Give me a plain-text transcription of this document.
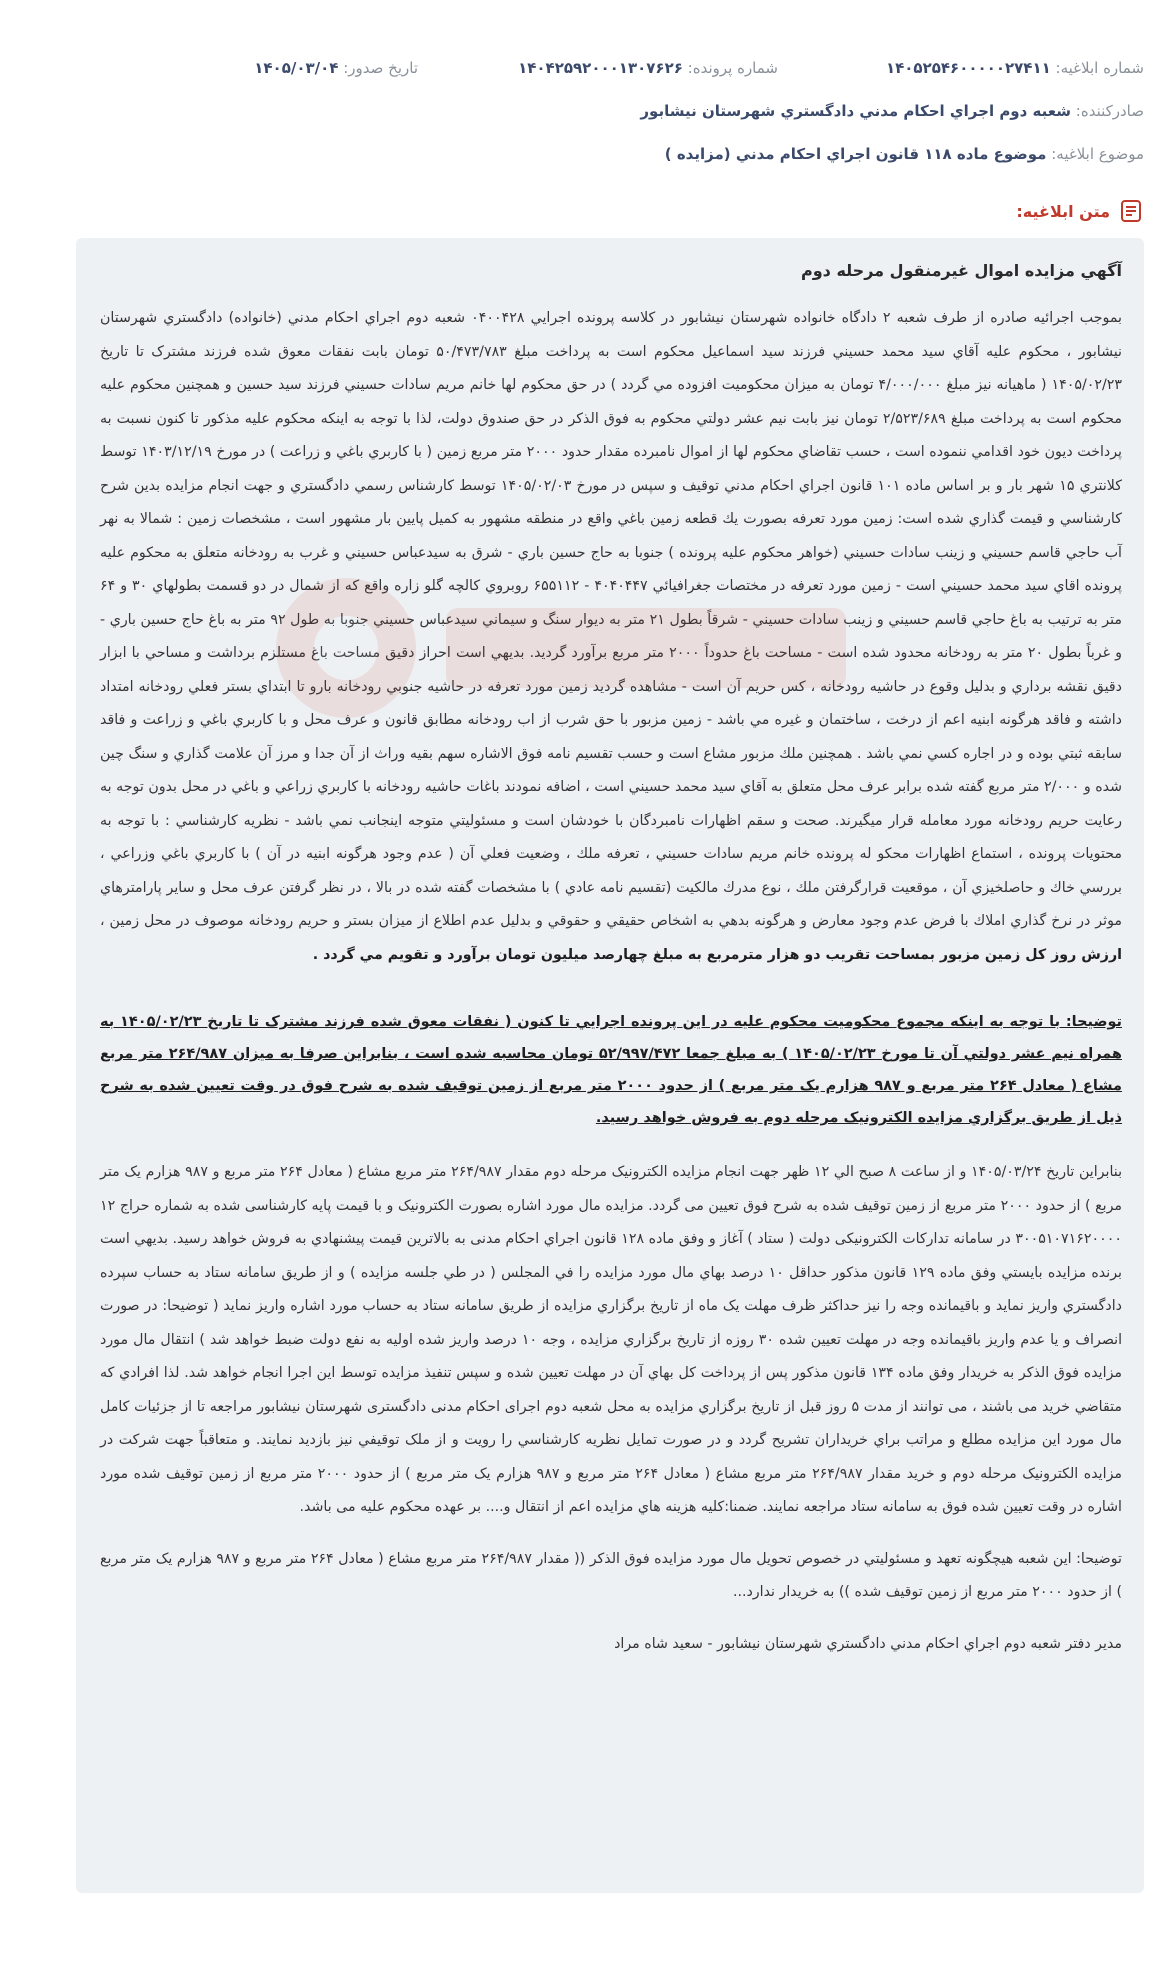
شماره ابلاغيه: ۱۴۰۵۲۵۴۶۰۰۰۰۰۲۷۴۱۱
شماره پرونده: ۱۴۰۴۲۵۹۲۰۰۰۱۳۰۷۶۲۶
تاريخ صدور: ۱۴۰۵/۰۳/۰۴
صادرکننده: شعبه دوم اجراي احكام مدني دادگستري شهرستان نيشابور
موضوع ابلاغيه: موضوع ماده ۱۱۸ قانون اجراي احكام مدني (مزايده )
متن ابلاغيه:
آگهي مزايده اموال غيرمنقول مرحله دوم

بموجب اجرائيه صادره از طرف شعبه ۲ دادگاه خانواده شهرستان نيشابور در كلاسه پرونده اجرايي ۰۴۰۰۴۲۸ شعبه دوم اجراي احكام مدني (خانواده) دادگستري شهرستان نيشابور ، محکوم عليه آقاي سيد محمد حسيني فرزند سيد اسماعيل محکوم است به پرداخت مبلغ ۵۰/۴۷۳/۷۸۳ تومان بابت نفقات معوق شده فرزند مشترک تا تاريخ ۱۴۰۵/۰۲/۲۳ ( ماهيانه نيز مبلغ ۴/۰۰۰/۰۰۰ تومان به ميزان محکوميت افزوده مي گردد ) در حق محكوم لها خانم مريم سادات حسيني فرزند سيد حسين و همچنين محکوم عليه محکوم است به پرداخت مبلغ ۲/۵۲۳/۶۸۹ تومان نيز بابت نيم عشر دولتي محکوم به فوق الذکر در حق صندوق دولت، لذا با توجه به اينكه محكوم عليه مذكور تا كنون نسبت به پرداخت ديون خود اقدامي ننموده است ، حسب تقاضاي محکوم لها از اموال نامبرده مقدار حدود ۲۰۰۰ متر مربع زمين ( با كاربري باغي و زراعت ) در مورخ ۱۴۰۳/۱۲/۱۹ توسط كلانتري ۱۵ شهر بار و بر اساس ماده ۱۰۱ قانون اجراي احكام مدني توقيف و سپس در مورخ ۱۴۰۵/۰۲/۰۳ توسط كارشناس رسمي دادگستري و جهت انجام مزايده بدين شرح كارشناسي و قيمت گذاري شده است: زمين مورد تعرفه بصورت يك قطعه زمين باغي واقع در منطقه مشهور به كميل پايين بار مشهور است ، مشخصات زمين : شمالا به نهر آب حاجي قاسم حسيني و زينب سادات حسيني (خواهر محكوم عليه پرونده ) جنوبا به حاج حسين باري - شرق به سيدعباس حسيني و غرب به رودخانه متعلق به محكوم عليه پرونده اقاي سيد محمد حسيني است - زمين مورد تعرفه در مختصات جغرافيائي ۴۰۴۰۴۴۷ - ۶۵۵۱۱۲ روبروي كالچه گلو زاره واقع كه از شمال در دو قسمت بطولهاي ۳۰ و ۶۴ متر به ترتيب به باغ حاجي قاسم حسيني و زينب سادات حسيني - شرقاً بطول ۲۱ متر به ديوار سنگ و سيماني سيدعباس حسيني جنوبا به طول ۹۲ متر به باغ حاج حسين باري - و غرباً بطول ۲۰ متر به رودخانه محدود شده است - مساحت باغ حدوداً ۲۰۰۰ متر مربع برآورد گرديد. بديهي است احراز دقيق مساحت باغ مستلزم برداشت و مساحي با ابزار دقيق نقشه برداري و بدليل وقوع در حاشيه رودخانه ، كس حريم آن است - مشاهده گرديد زمين مورد تعرفه در حاشيه جنوبي رودخانه بارو تا ابتداي بستر فعلي رودخانه امتداد داشته و فاقد هرگونه ابنيه اعم از درخت ، ساختمان و غيره مي باشد - زمين مزبور با حق شرب از اب رودخانه مطابق قانون و عرف محل و با كاربري باغي و زراعت و فاقد سابقه ثبتي بوده و در اجاره كسي نمي باشد . همچنين ملك مزبور مشاع است و حسب تقسيم نامه فوق الاشاره سهم بقيه وراث از آن جدا و مرز آن علامت گذاري و سنگ چين شده و ۲/۰۰۰ متر مربع گفته شده برابر عرف محل متعلق به آقاي سيد محمد حسيني است ، اضافه نمودند باغات حاشيه رودخانه با كاربري زراعي و باغي در محل بدون توجه به رعايت حريم رودخانه مورد معامله قرار ميگيرند. صحت و سقم اظهارات نامبردگان با خودشان است و مسئوليتي متوجه اينجانب نمي باشد - نظريه كارشناسي : با توجه به محتويات پرونده ، استماع اظهارات محكو له پرونده خانم مريم سادات حسيني ، تعرفه ملك ، وضعيت فعلي آن ( عدم وجود هرگونه ابنيه در آن ) با كاربري باغي وزراعي ، بررسي خاك و حاصلخيزي آن ، موقعيت قرارگرفتن ملك ، نوع مدرك مالكيت (تقسيم نامه عادي ) با مشخصات گفته شده در بالا ، در نظر گرفتن عرف محل و ساير پارامترهاي موثر در نرخ گذاري املاك با فرض عدم وجود معارض و هرگونه بدهي به اشخاص حقيقي و حقوقي و بدليل عدم اطلاع از ميزان بستر و حريم رودخانه موصوف در محل زمين ، ارزش روز كل زمين مزبور بمساحت تقريب دو هزار مترمربع به مبلغ چهارصد ميليون تومان برآورد و تقويم مي گردد .

توضيحا: با توجه به اينكه مجموع محكوميت محكوم عليه در اين پرونده اجرايي تا كنون ( نفقات معوق شده فرزند مشترک تا تاريخ ۱۴۰۵/۰۲/۲۳ به همراه نيم عشر دولتي آن تا مورخ ۱۴۰۵/۰۲/۲۳ ) به مبلغ جمعا ۵۲/۹۹۷/۴۷۲ تومان محاسبه شده است ، بنابراين صرفا به ميزان ۲۶۴/۹۸۷ متر مربع مشاع ( معادل ۲۶۴ متر مربع و ۹۸۷ هزارم يک متر مربع ) از حدود ۲۰۰۰ متر مربع از زمين توقيف شده به شرح فوق در وقت تعيين شده به شرح ذيل از طريق برگزاري مزايده الكترونيک مرحله دوم به فروش خواهد رسيد.

بنابراين تاريخ ۱۴۰۵/۰۳/۲۴ و از ساعت ۸ صبح الي ۱۲ ظهر جهت انجام مزايده الکترونيک مرحله دوم مقدار ۲۶۴/۹۸۷ متر مربع مشاع ( معادل ۲۶۴ متر مربع و ۹۸۷ هزارم يک متر مربع ) از حدود ۲۰۰۰ متر مربع از زمين توقيف شده به شرح فوق تعيين مى گردد. مزايده مال مورد اشاره بصورت الكترونيک و با قيمت پايه كارشناسى شده به شماره حراج ۱۲ ۳۰۰۵۱۰۷۱۶۲۰۰۰۰ در سامانه تداركات الكترونيكى دولت ( ستاد ) آغاز و وفق ماده ۱۲۸ قانون اجراي احكام مدنى به بالاترين قيمت پيشنهادي به فروش خواهد رسيد. بديهي است برنده مزايده بايستي وفق ماده ۱۲۹ قانون مذکور حداقل ۱۰ درصد بهاي مال مورد مزايده را في المجلس ( در طي جلسه مزايده ) و از طريق سامانه ستاد به حساب سپرده دادگستري واريز نمايد و باقيمانده وجه را نيز حداکثر ظرف مهلت يک ماه از تاريخ برگزاري مزايده از طريق سامانه ستاد به حساب مورد اشاره واريز نمايد ( توضيحا: در صورت انصراف و يا عدم واريز باقيمانده وجه در مهلت تعيين شده ۳۰ روزه از تاريخ برگزاري مزايده ، وجه ۱۰ درصد واريز شده اوليه به نفع دولت ضبط خواهد شد ) انتقال مال مورد مزايده فوق الذکر به خريدار وفق ماده ۱۳۴ قانون مذکور پس از پرداخت کل بهاي آن در مهلت تعيين شده و سپس تنفيذ مزايده توسط اين اجرا انجام خواهد شد. لذا افرادي كه متقاضي خريد مى باشند ، مى توانند از مدت ۵ روز قبل از تاريخ برگزاري مزايده به محل شعبه دوم اجراى احكام مدنى دادگسترى شهرستان نيشابور مراجعه تا از جزئيات کامل مال مورد اين مزايده مطلع و مراتب براي خريداران تشريح گردد و در صورت تمايل نظريه کارشناسي را رويت و از ملک توقيفي نيز بازديد نمايند. و متعاقباً جهت شركت در مزايده الكترونيک مرحله دوم و خريد مقدار ۲۶۴/۹۸۷ متر مربع مشاع ( معادل ۲۶۴ متر مربع و ۹۸۷ هزارم يک متر مربع ) از حدود ۲۰۰۰ متر مربع از زمين توقيف شده مورد اشاره در وقت تعيين شده فوق به سامانه ستاد مراجعه نمايند. ضمنا:کليه هزينه هاي مزايده اعم از انتقال و.... بر عهده محکوم عليه مى باشد.

توضيحا: اين شعبه هيچگونه تعهد و مسئوليتي در خصوص تحويل مال مورد مزايده فوق الذكر (( مقدار ۲۶۴/۹۸۷ متر مربع مشاع ( معادل ۲۶۴ متر مربع و ۹۸۷ هزارم يک متر مربع ) از حدود ۲۰۰۰ متر مربع از زمين توقيف شده )) به خريدار ندارد...

مدير دفتر شعبه دوم اجراي احكام مدني دادگستري شهرستان نيشابور - سعيد شاه مراد
